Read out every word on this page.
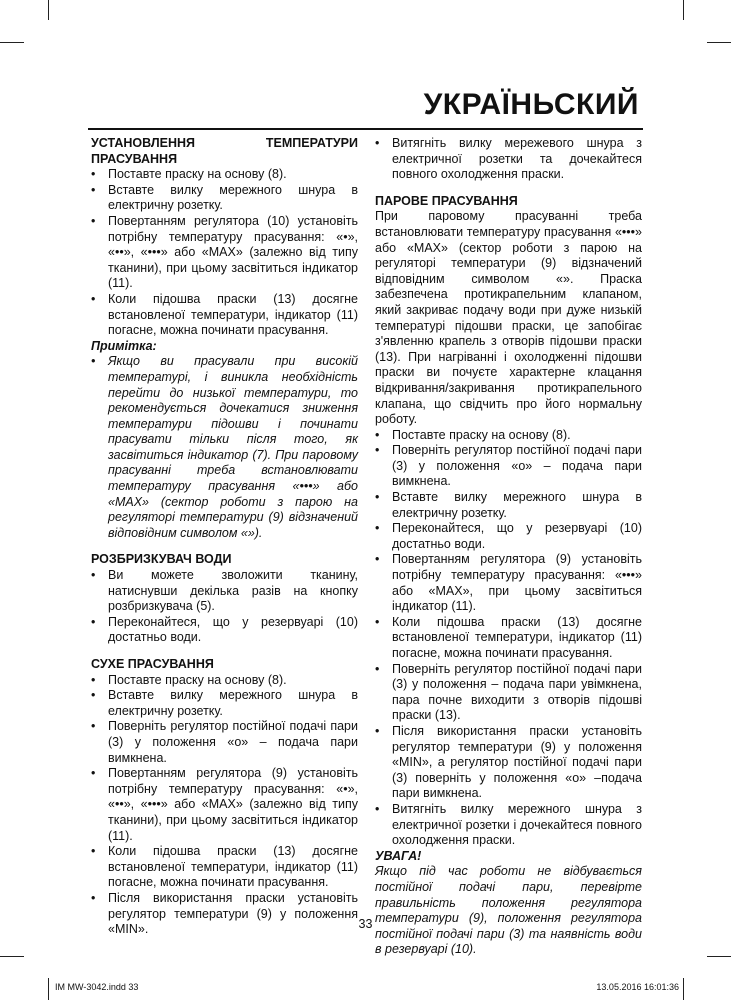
УКРАЇНЬСКИЙ

УСТАНОВЛЕННЯ ТЕМПЕРАТУРИ ПРАСУВАННЯ

• Поставте праску на основу (8).
• Вставте вилку мережного шнура в електричну розетку.
• Повертанням регулятора (10) установіть потрібну температуру прасування: «•», «••», «•••» або «MAX» (залежно від типу тканини), при цьому засвітиться індикатор (11).
• Коли підошва праски (13) досягне встановленої температури, індикатор (11) погасне, можна починати прасування.

Примітка:

• Якщо ви прасували при високій температурі, і виникла необхідність перейти до низької температури, то рекомендується дочекатися зниження температури підошви і починати прасувати тільки після того, як засвітиться індикатор (7). При паровому прасуванні треба встановлювати температуру прасування «•••» або «MAX» (сектор роботи з парою на регуляторі температури (9) відзначений відповідним символом «»).

РОЗБРИЗКУВАЧ ВОДИ

• Ви можете зволожити тканину, натиснувши декілька разів на кнопку розбризкувача (5).
• Переконайтеся, що у резервуарі (10) достатньо води.

СУХЕ ПРАСУВАННЯ

• Поставте праску на основу (8).
• Вставте вилку мережного шнура в електричну розетку.
• Поверніть регулятор постійної подачі пари (3) у положення «о» – подача пари вимкнена.
• Повертанням регулятора (9) установіть потрібну температуру прасування: «•», «••», «•••» або «MAX» (залежно від типу тканини), при цьому засвітиться індикатор (11).
• Коли підошва праски (13) досягне встановленої температури, індикатор (11) погасне, можна починати прасування.
• Після використання праски установіть регулятор температури (9) у положення «MIN».
• Витягніть вилку мережевого шнура з електричної розетки та дочекайтеся повного охолодження праски.

ПАРОВЕ ПРАСУВАННЯ

При паровому прасуванні треба встановлювати температуру прасування «•••» або «MAX» (сектор роботи з парою на регуляторі температури (9) відзначений відповідним символом «». Праска забезпечена протикрапельним клапаном, який закриває подачу води при дуже низькій температурі підошви праски, це запобігає з'явленню крапель з отворів підошви праски (13). При нагріванні і охолодженні підошви праски ви почуєте характерне клацання відкривання/закривання протикрапельного клапана, що свідчить про його нормальну роботу.

• Поставте праску на основу (8).
• Поверніть регулятор постійної подачі пари (3) у положення «о» – подача пари вимкнена.
• Вставте вилку мережного шнура в електричну розетку.
• Переконайтеся, що у резервуарі (10) достатньо води.
• Повертанням регулятора (9) установіть потрібну температуру прасування: «•••» або «MAX», при цьому засвітиться індикатор (11).
• Коли підошва праски (13) досягне встановленої температури, індикатор (11) погасне, можна починати прасування.
• Поверніть регулятор постійної подачі пари (3) у положення – подача пари увімкнена, пара почне виходити з отворів підошві праски (13).
• Після використання праски установіть регулятор температури (9) у положення «MIN», а регулятор постійної подачі пари (3) поверніть у положення «о» –подача пари вимкнена.
• Витягніть вилку мережного шнура з електричної розетки і дочекайтеся повного охолодження праски.

УВАГА!

Якщо під час роботи не відбувається постійної подачі пари, перевірте правильність положення регулятора температури (9), положення регулятора постійної подачі пари (3) та наявність води в резервуарі (10).

33

IM MW-3042.indd 33	13.05.2016 16:01:36
